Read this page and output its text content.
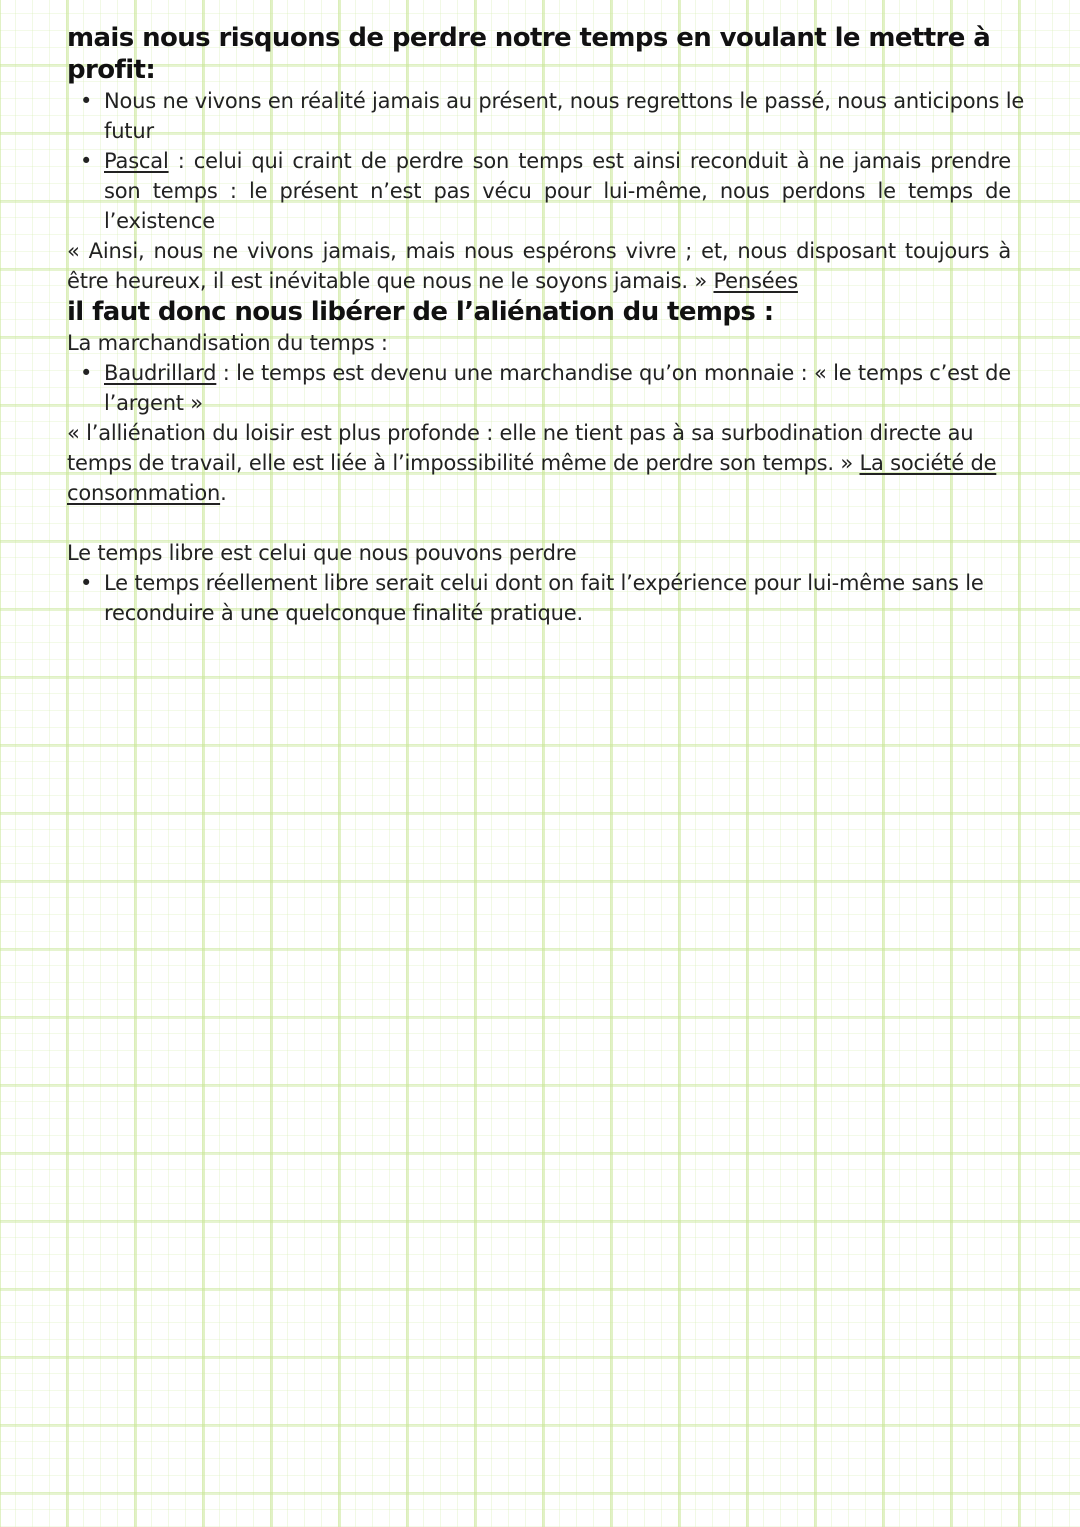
mais nous risquons de perdre notre temps en voulant le mettre à profit:
• Nous ne vivons en réalité jamais au présent, nous regrettons le passé, nous anticipons le futur
• Pascal : celui qui craint de perdre son temps est ainsi reconduit à ne jamais prendre son temps : le présent n’est pas vécu pour lui-même, nous perdons le temps de l’existence

« Ainsi, nous ne vivons jamais, mais nous espérons vivre ; et, nous disposant toujours à être heureux, il est inévitable que nous ne le soyons jamais. » Pensées

il faut donc nous libérer de l’aliénation du temps :

La marchandisation du temps :

• Baudrillard : le temps est devenu une marchandise qu’on monnaie : « le temps c’est de l’argent »

« l’alliénation du loisir est plus profonde : elle ne tient pas à sa surbodination directe au temps de travail, elle est liée à l’impossibilité même de perdre son temps. » La société de consommation.

Le temps libre est celui que nous pouvons perdre

• Le temps réellement libre serait celui dont on fait l’expérience pour lui-même sans le reconduire à une quelconque finalité pratique.
